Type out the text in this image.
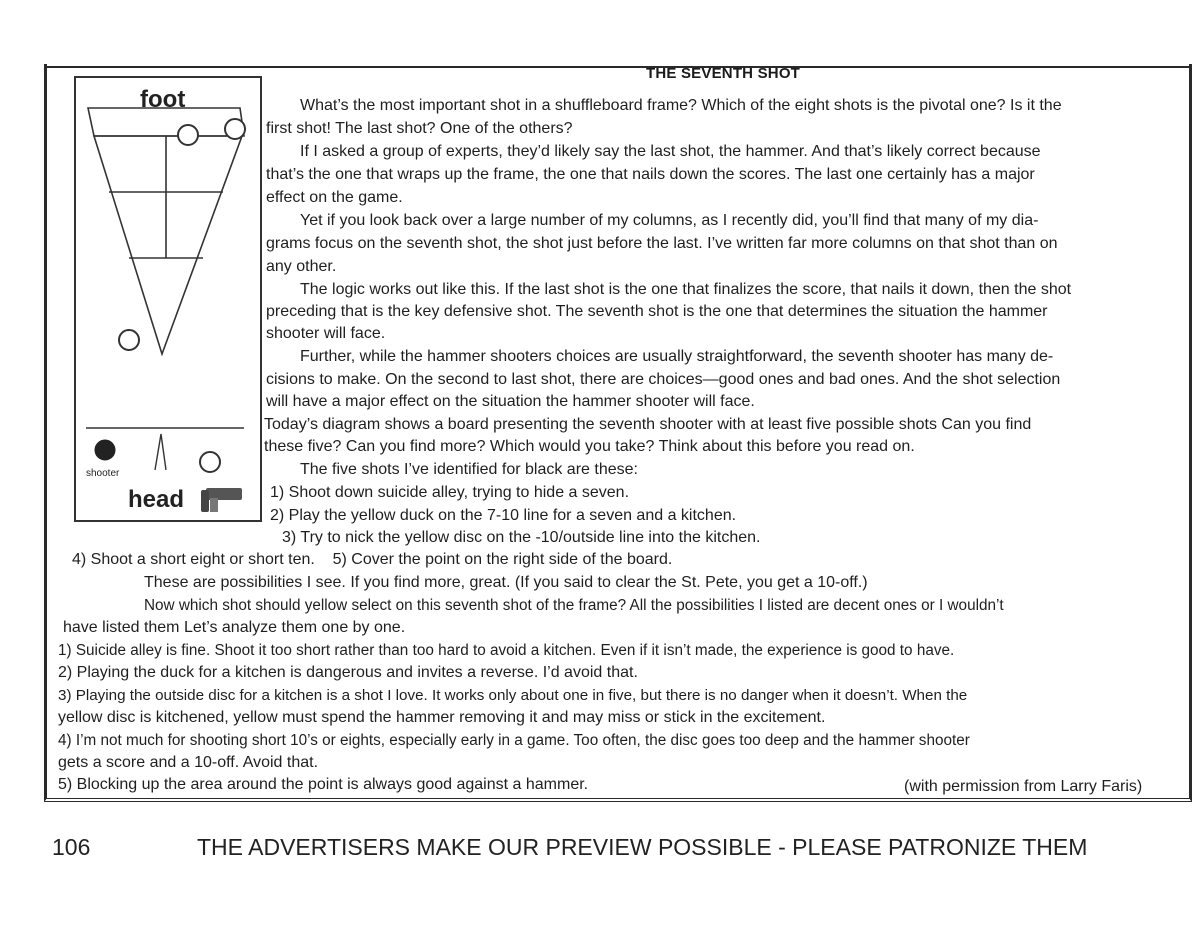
foot
shooter
head
THE SEVENTH SHOT
What’s the most important shot in a shuffleboard frame? Which of the eight shots is the pivotal one? Is it the
first shot! The last shot? One of the others?
If I asked a group of experts, they’d likely say the last shot, the hammer. And that’s likely correct because
that’s the one that wraps up the frame, the one that nails down the scores. The last one certainly has a major
effect on the game.
Yet if you look back over a large number of my columns, as I recently did, you’ll find that many of my dia-
grams focus on the seventh shot, the shot just before the last. I’ve written far more columns on that shot than on
any other.
The logic works out like this. If the last shot is the one that finalizes the score, that nails it down, then the shot
preceding that is the key defensive shot. The seventh shot is the one that determines the situation the hammer
shooter will face.
Further, while the hammer shooters choices are usually straightforward, the seventh shooter has many de-
cisions to make. On the second to last shot, there are choices—good ones and bad ones. And the shot selection
will have a major effect on the situation the hammer shooter will face.
Today’s diagram shows a board presenting the seventh shooter with at least five possible shots Can you find
these five? Can you find more? Which would you take? Think about this before you read on.
The five shots I’ve identified for black are these:
1) Shoot down suicide alley, trying to hide a seven.
2) Play the yellow duck on the 7-10 line for a seven and a kitchen.
3) Try to nick the yellow disc on the -10/outside line into the kitchen.
4) Shoot a short eight or short ten.    5) Cover the point on the right side of the board.
These are possibilities I see. If you find more, great. (If you said to clear the St. Pete, you get a 10-off.)
Now which shot should yellow select on this seventh shot of the frame? All the possibilities I listed are decent ones or I wouldn’t
have listed them Let’s analyze them one by one.
1) Suicide alley is fine. Shoot it too short rather than too hard to avoid a kitchen. Even if it isn’t made, the experience is good to have.
2) Playing the duck for a kitchen is dangerous and invites a reverse. I’d avoid that.
3) Playing the outside disc for a kitchen is a shot I love. It works only about one in five, but there is no danger when it doesn’t. When the
yellow disc is kitchened, yellow must spend the hammer removing it and may miss or stick in the excitement.
4) I’m not much for shooting short 10’s or eights, especially early in a game. Too often, the disc goes too deep and the hammer shooter
gets a score and a 10-off. Avoid that.
5) Blocking up the area around the point is always good against a hammer.	(with permission from Larry Faris)
106	THE ADVERTISERS MAKE OUR PREVIEW POSSIBLE - PLEASE PATRONIZE THEM
